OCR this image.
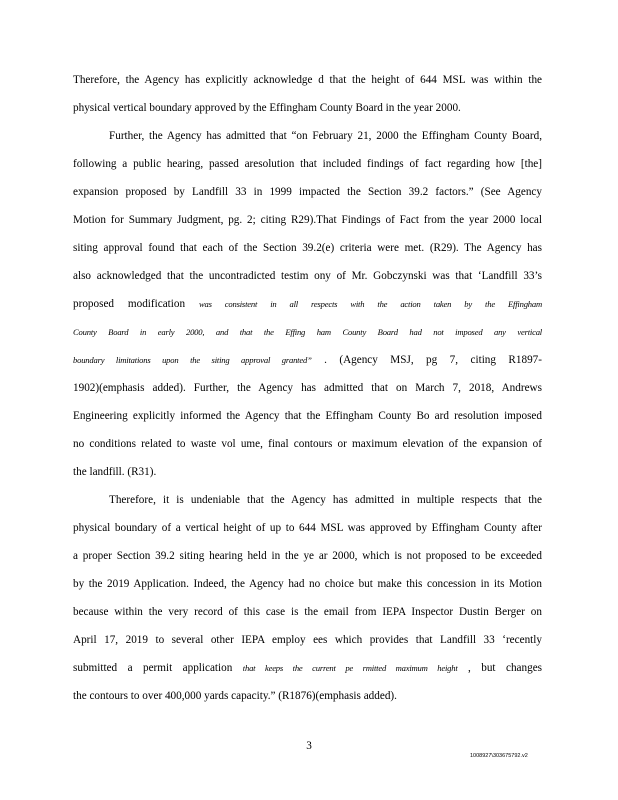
Therefore, the Agency has explicitly acknowledge d that the height of 644 MSL was within the
physical vertical boundary approved by the Effingham County Board in the year 2000.
Further, the Agency has admitted that “on February 21, 2000 the Effingham County Board,
following a public hearing, passed aresolution that included findings of fact regarding how [the]
expansion proposed by Landfill 33 in 1999 impacted the Section 39.2 factors.” (See Agency
Motion for Summary Judgment, pg. 2; citing R29).That Findings of Fact from the year 2000 local
siting approval found that each of the Section 39.2(e) criteria were met. (R29). The Agency has
also acknowledged that the uncontradicted testim ony of Mr. Gobczynski was that ‘Landfill 33’s
proposed modification was consistent in all respects with the action taken by the Effingham
County Board in early 2000, and that the Effing ham County Board had not imposed any vertical
boundary limitations upon the siting approval granted” . (Agency MSJ, pg 7, citing R1897-
1902)(emphasis added). Further, the Agency has admitted that on March 7, 2018, Andrews
Engineering explicitly informed the Agency that the Effingham County Bo ard resolution imposed
no conditions related to waste vol ume, final contours or maximum elevation of the expansion of
the landfill. (R31).
Therefore, it is undeniable that the Agency has admitted in multiple respects that the
physical boundary of a vertical height of up to 644 MSL was approved by Effingham County after
a proper Section 39.2 siting hearing held in the ye ar 2000, which is not proposed to be exceeded
by the 2019 Application. Indeed, the Agency had no choice but make this concession in its Motion
because within the very record of this case is the email from IEPA Inspector Dustin Berger on
April 17, 2019 to several other IEPA employ ees which provides that Landfill 33 ‘recently
submitted a permit application that keeps the current pe rmitted maximum height , but changes
the contours to over 400,000 yards capacity.” (R1876)(emphasis added).
3
1008927\303675792.v2
